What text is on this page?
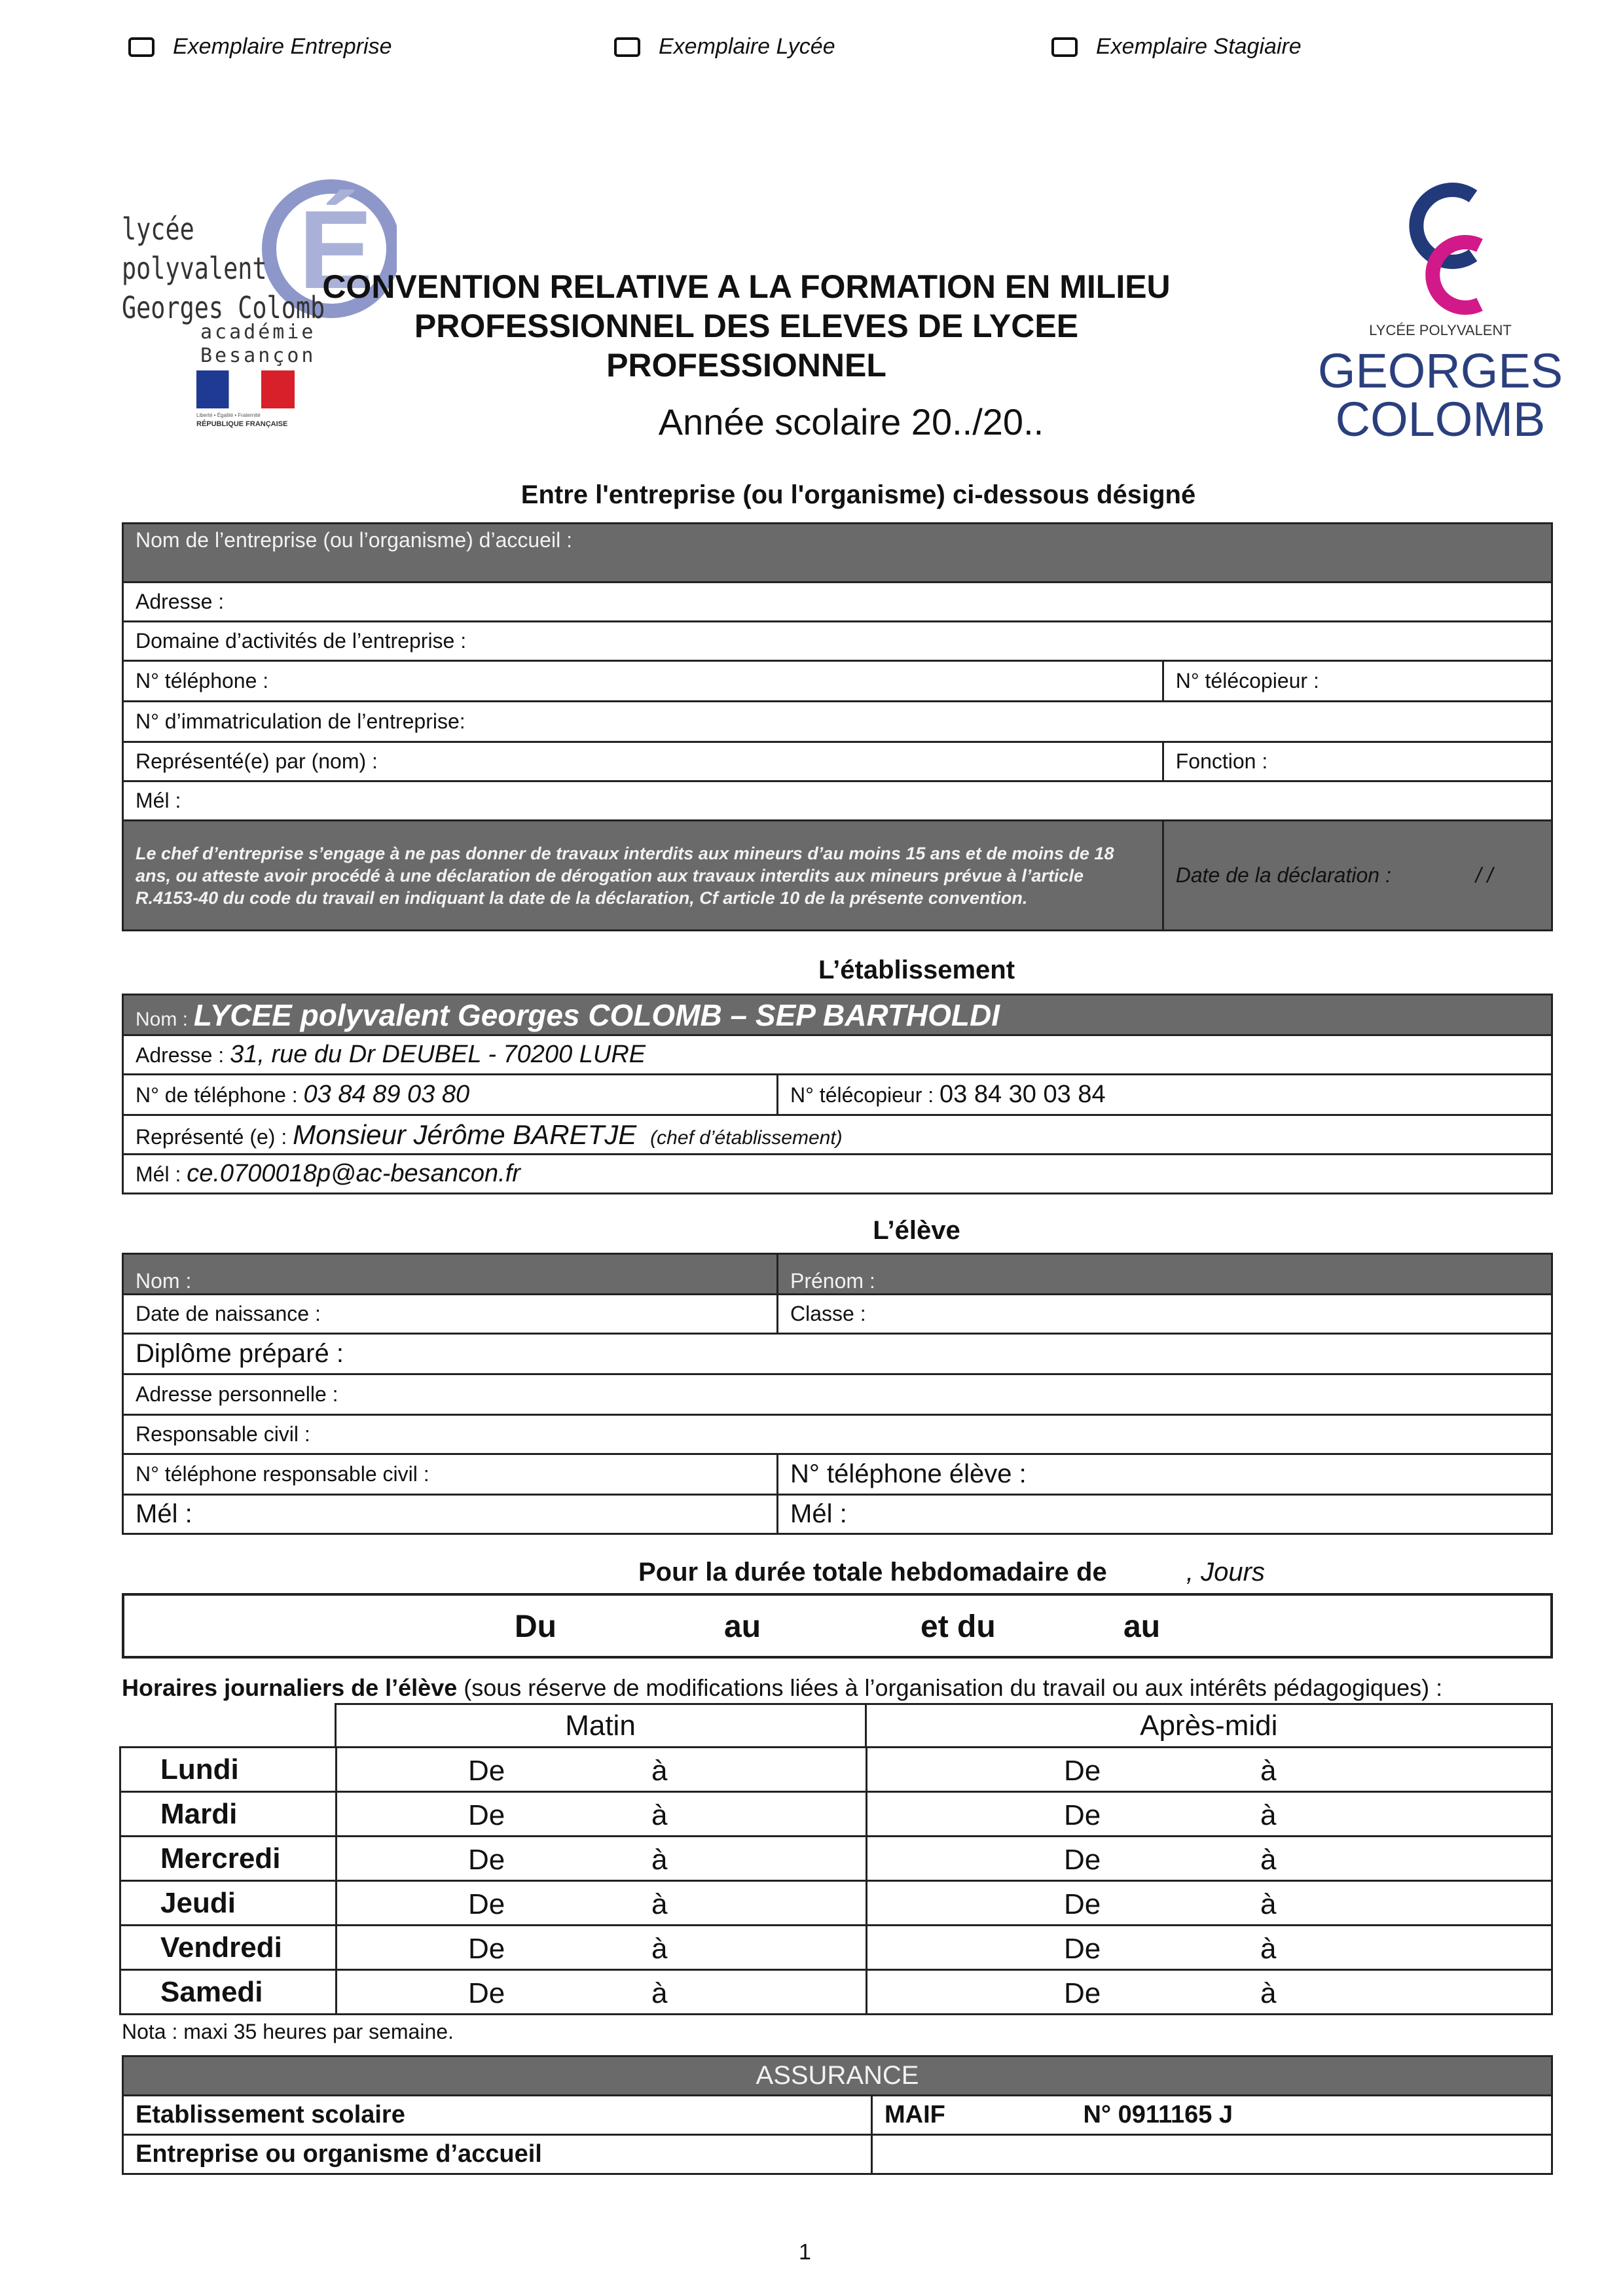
Exemplaire Entreprise	Exemplaire Lycée	Exemplaire Stagiaire
É
lycée polyvalent
Georges Colomb
académie
Besançon
Liberté • Égalité • Fraternité
RÉPUBLIQUE FRANÇAISE
LYCÉE POLYVALENT
GEORGES
COLOMB
CONVENTION RELATIVE A LA FORMATION EN MILIEU
PROFESSIONNEL DES ELEVES DE LYCEE
PROFESSIONNEL
Année scolaire 20../20..
Entre l'entreprise (ou l'organisme) ci-dessous désigné
Nom de l’entreprise (ou l’organisme) d’accueil :	
Adresse :	
Domaine d’activités de l’entreprise :	
N° téléphone :	N° télécopieur :
N° d’immatriculation de l’entreprise:	
Représenté(e) par (nom) :	Fonction :
Mél :	
Le chef d’entreprise s’engage à ne pas donner de travaux interdits aux mineurs d’au moins 15 ans et de moins de 18 ans, ou atteste avoir procédé à une déclaration de dérogation aux travaux interdits aux mineurs prévue à l’article R.4153-40 du code du travail en indiquant la date de la déclaration, Cf article 10 de la présente convention.	Date de la déclaration : / /
L’établissement
Nom : LYCEE polyvalent Georges COLOMB – SEP BARTHOLDI
Adresse : 31, rue du Dr DEUBEL - 70200 LURE
N° de téléphone : 03 84 89 03 80	N° télécopieur : 03 84 30 03 84
Représenté (e) : Monsieur Jérôme BARETJE (chef d’établissement)
Mél : ce.0700018p@ac-besancon.fr
L’élève
Nom :	Prénom :
Date de naissance :	Classe :
Diplôme préparé :	
Adresse personnelle :	
Responsable civil :	
N° téléphone responsable civil :	N° téléphone élève :
Mél :	Mél :
Pour la durée totale hebdomadaire de	, Jours
Du	au	et du	au
Horaires journaliers de l’élève (sous réserve de modifications liées à l’organisation du travail ou aux intérêts pédagogiques) :
	Matin	Après-midi
Lundi	De à	De à

Mardi	De à	De à

Mercredi	De à	De à

Jeudi	De à	De à

Vendredi	De à	De à

Samedi	De à	De à
Nota : maxi 35 heures par semaine.
ASSURANCE	
Etablissement scolaire	MAIF N° 0911165 J
Entreprise ou organisme d’accueil	
1
